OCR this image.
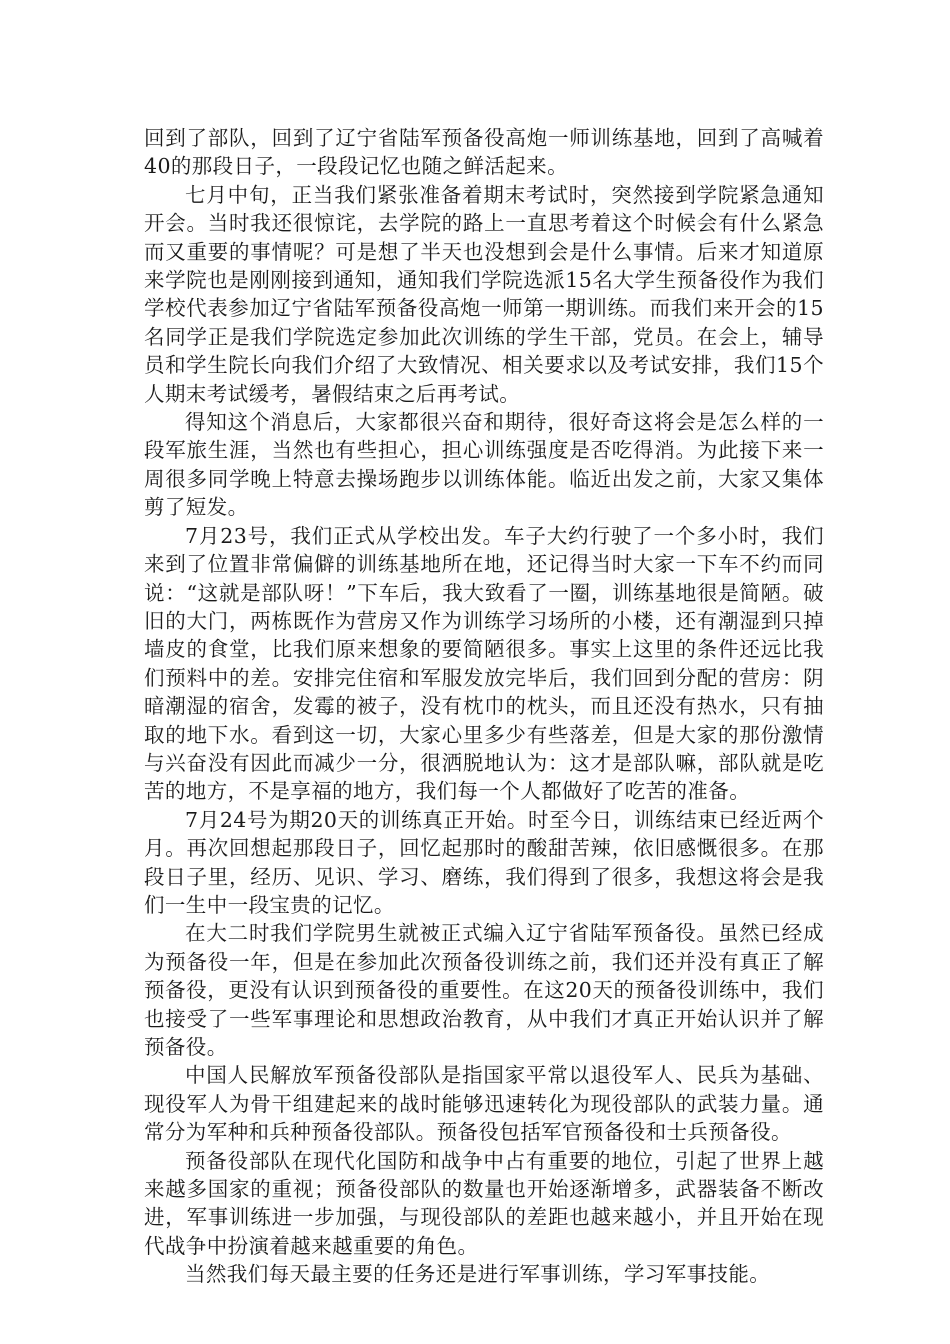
回到了部队，回到了辽宁省陆军预备役高炮一师训练基地，回到了高喊着40的那段日子，一段段记忆也随之鲜活起来。

七月中旬，正当我们紧张准备着期末考试时，突然接到学院紧急通知开会。当时我还很惊诧，去学院的路上一直思考着这个时候会有什么紧急而又重要的事情呢？可是想了半天也没想到会是什么事情。后来才知道原来学院也是刚刚接到通知，通知我们学院选派15名大学生预备役作为我们学校代表参加辽宁省陆军预备役高炮一师第一期训练。而我们来开会的15名同学正是我们学院选定参加此次训练的学生干部，党员。在会上，辅导员和学生院长向我们介绍了大致情况、相关要求以及考试安排，我们15个人期末考试缓考，暑假结束之后再考试。

得知这个消息后，大家都很兴奋和期待，很好奇这将会是怎么样的一段军旅生涯，当然也有些担心，担心训练强度是否吃得消。为此接下来一周很多同学晚上特意去操场跑步以训练体能。临近出发之前，大家又集体剪了短发。

7月23号，我们正式从学校出发。车子大约行驶了一个多小时，我们来到了位置非常偏僻的训练基地所在地，还记得当时大家一下车不约而同说：“这就是部队呀！”下车后，我大致看了一圈，训练基地很是简陋。破旧的大门，两栋既作为营房又作为训练学习场所的小楼，还有潮湿到只掉墙皮的食堂，比我们原来想象的要简陋很多。事实上这里的条件还远比我们预料中的差。安排完住宿和军服发放完毕后，我们回到分配的营房：阴暗潮湿的宿舍，发霉的被子，没有枕巾的枕头，而且还没有热水，只有抽取的地下水。看到这一切，大家心里多少有些落差，但是大家的那份激情与兴奋没有因此而减少一分，很洒脱地认为：这才是部队嘛，部队就是吃苦的地方，不是享福的地方，我们每一个人都做好了吃苦的准备。

7月24号为期20天的训练真正开始。时至今日，训练结束已经近两个月。再次回想起那段日子，回忆起那时的酸甜苦辣，依旧感慨很多。在那段日子里，经历、见识、学习、磨练，我们得到了很多，我想这将会是我们一生中一段宝贵的记忆。

在大二时我们学院男生就被正式编入辽宁省陆军预备役。虽然已经成为预备役一年，但是在参加此次预备役训练之前，我们还并没有真正了解预备役，更没有认识到预备役的重要性。在这20天的预备役训练中，我们也接受了一些军事理论和思想政治教育，从中我们才真正开始认识并了解预备役。

中国人民解放军预备役部队是指国家平常以退役军人、民兵为基础、现役军人为骨干组建起来的战时能够迅速转化为现役部队的武装力量。通常分为军种和兵种预备役部队。预备役包括军官预备役和士兵预备役。

预备役部队在现代化国防和战争中占有重要的地位，引起了世界上越来越多国家的重视；预备役部队的数量也开始逐渐增多，武器装备不断改进，军事训练进一步加强，与现役部队的差距也越来越小，并且开始在现代战争中扮演着越来越重要的角色。

当然我们每天最主要的任务还是进行军事训练，学习军事技能。
